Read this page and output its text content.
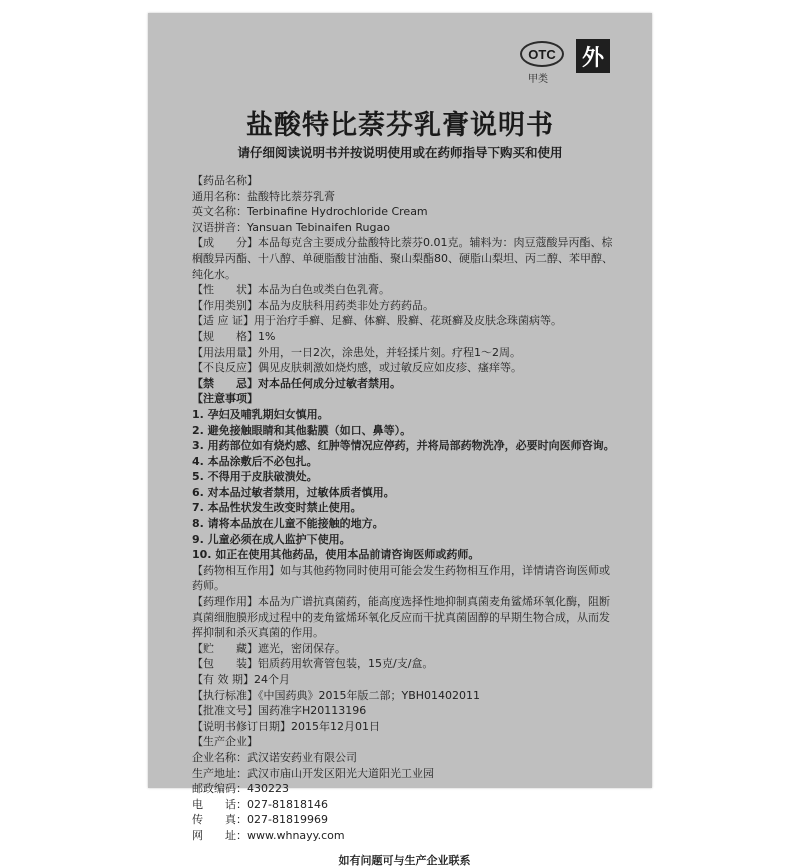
OTC
甲类
外
盐酸特比萘芬乳膏说明书
请仔细阅读说明书并按说明使用或在药师指导下购买和使用
【药品名称】
通用名称：盐酸特比萘芬乳膏
英文名称：Terbinafine Hydrochloride Cream
汉语拼音：Yansuan Tebinaifen Rugao
【成　　分】本品每克含主要成分盐酸特比萘芬0.01克。辅料为：肉豆蔻酸异丙酯、棕榈酸异丙酯、十八醇、单硬脂酸甘油酯、聚山梨酯80、硬脂山梨坦、丙二醇、苯甲醇、纯化水。
【性　　状】本品为白色或类白色乳膏。
【作用类别】本品为皮肤科用药类非处方药药品。
【适 应 证】用于治疗手癣、足癣、体癣、股癣、花斑癣及皮肤念珠菌病等。
【规　　格】1%
【用法用量】外用，一日2次，涂患处，并轻揉片刻。疗程1～2周。
【不良反应】偶见皮肤刺激如烧灼感，或过敏反应如皮疹、瘙痒等。
【禁　　忌】对本品任何成分过敏者禁用。
【注意事项】
1. 孕妇及哺乳期妇女慎用。
2. 避免接触眼睛和其他黏膜（如口、鼻等）。
3. 用药部位如有烧灼感、红肿等情况应停药，并将局部药物洗净，必要时向医师咨询。
4. 本品涂敷后不必包扎。
5. 不得用于皮肤破溃处。
6. 对本品过敏者禁用，过敏体质者慎用。
7. 本品性状发生改变时禁止使用。
8. 请将本品放在儿童不能接触的地方。
9. 儿童必须在成人监护下使用。
10. 如正在使用其他药品，使用本品前请咨询医师或药师。
【药物相互作用】如与其他药物同时使用可能会发生药物相互作用，详情请咨询医师或药师。
【药理作用】本品为广谱抗真菌药，能高度选择性地抑制真菌麦角鲨烯环氧化酶，阻断真菌细胞膜形成过程中的麦角鲨烯环氧化反应而干扰真菌固醇的早期生物合成，从而发挥抑制和杀灭真菌的作用。
【贮　　藏】遮光，密闭保存。
【包　　装】铝质药用软膏管包装，15克/支/盒。
【有 效 期】24个月
【执行标准】《中国药典》2015年版二部；YBH01402011
【批准文号】国药准字H20113196
【说明书修订日期】2015年12月01日
【生产企业】
企业名称：武汉诺安药业有限公司
生产地址：武汉市庙山开发区阳光大道阳光工业园
邮政编码：430223
电　　话：027-81818146
传　　真：027-81819969
网　　址：www.whnayy.com
如有问题可与生产企业联系
